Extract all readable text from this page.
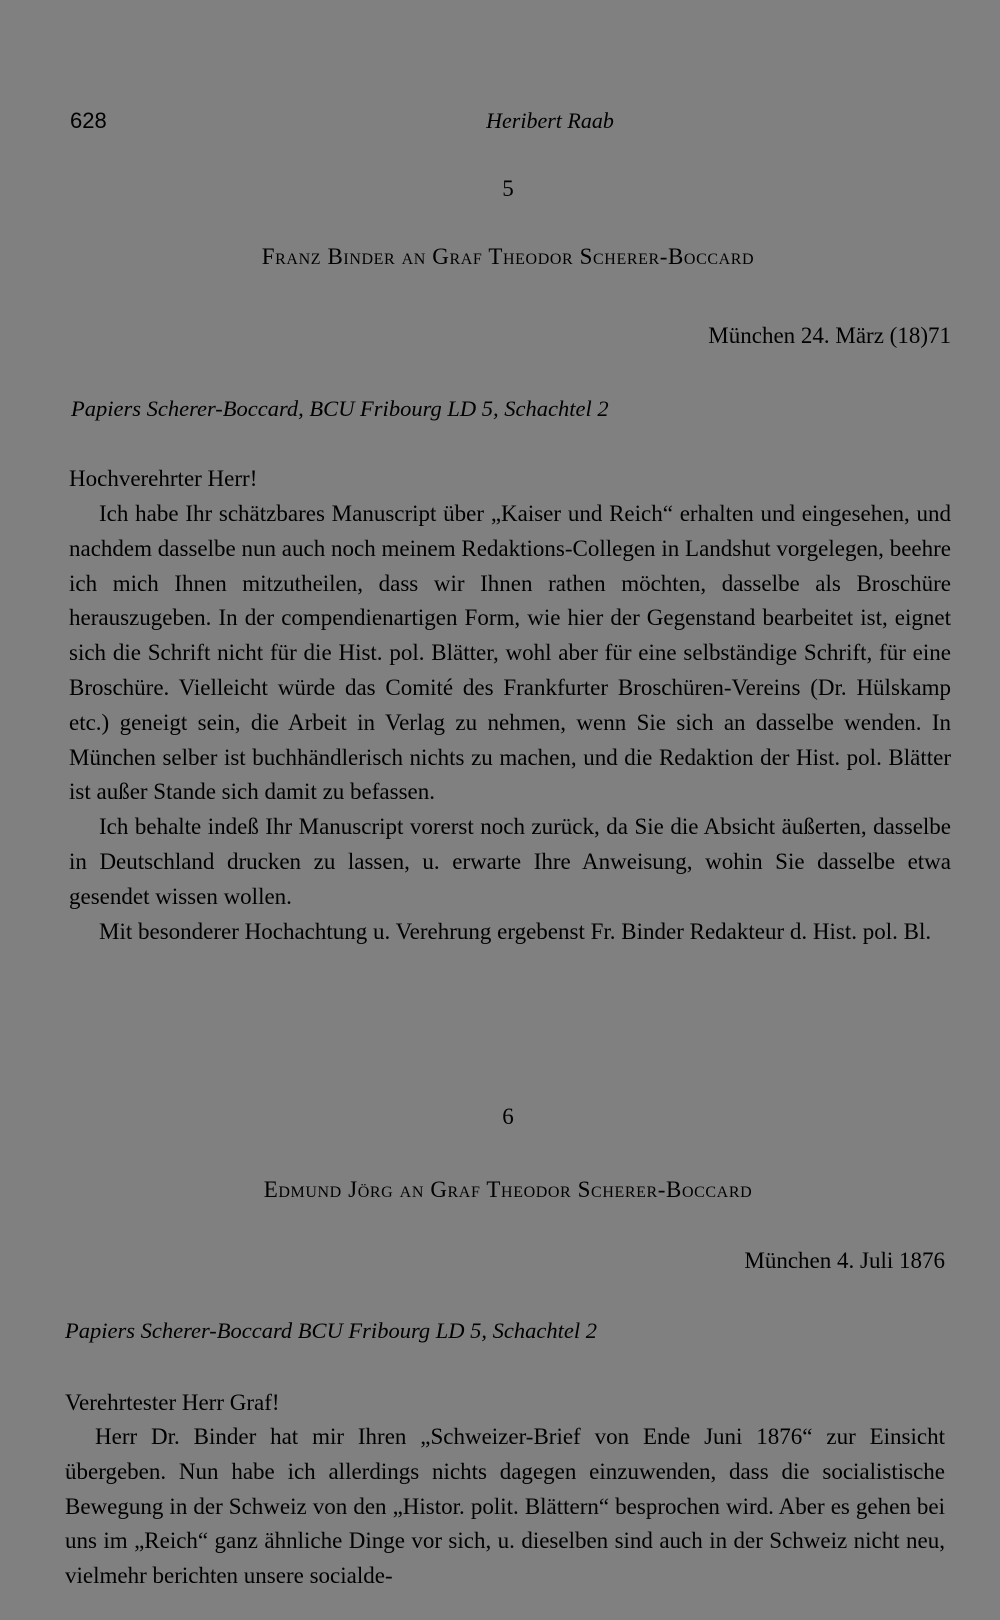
628	Heribert Raab

5

Franz Binder an Graf Theodor Scherer-Boccard

München 24. März (18)71

Papiers Scherer-Boccard, BCU Fribourg LD 5, Schachtel 2

Hochverehrter Herr!

Ich habe Ihr schätzbares Manuscript über „Kaiser und Reich“ erhalten und eingesehen, und nachdem dasselbe nun auch noch meinem Redaktions-Collegen in Landshut vorgelegen, beehre ich mich Ihnen mitzutheilen, dass wir Ihnen rathen möchten, dasselbe als Broschüre herauszugeben. In der compendienartigen Form, wie hier der Gegenstand bearbeitet ist, eignet sich die Schrift nicht für die Hist. pol. Blätter, wohl aber für eine selbständige Schrift, für eine Broschüre. Vielleicht würde das Comité des Frankfurter Broschüren-Vereins (Dr. Hülskamp etc.) geneigt sein, die Arbeit in Verlag zu nehmen, wenn Sie sich an dasselbe wenden. In München selber ist buchhändlerisch nichts zu machen, und die Redaktion der Hist. pol. Blätter ist außer Stande sich damit zu befassen.

Ich behalte indeß Ihr Manuscript vorerst noch zurück, da Sie die Absicht äußerten, dasselbe in Deutschland drucken zu lassen, u. erwarte Ihre Anweisung, wohin Sie dasselbe etwa gesendet wissen wollen.

Mit besonderer Hochachtung u. Verehrung ergebenst Fr. Binder Redakteur d. Hist. pol. Bl.

6

Edmund Jörg an Graf Theodor Scherer-Boccard

München 4. Juli 1876

Papiers Scherer-Boccard BCU Fribourg LD 5, Schachtel 2

Verehrtester Herr Graf!

Herr Dr. Binder hat mir Ihren „Schweizer-Brief von Ende Juni 1876“ zur Einsicht übergeben. Nun habe ich allerdings nichts dagegen einzuwenden, dass die socialistische Bewegung in der Schweiz von den „Histor. polit. Blättern“ besprochen wird. Aber es gehen bei uns im „Reich“ ganz ähnliche Dinge vor sich, u. dieselben sind auch in der Schweiz nicht neu, vielmehr berichten unsere socialde-
